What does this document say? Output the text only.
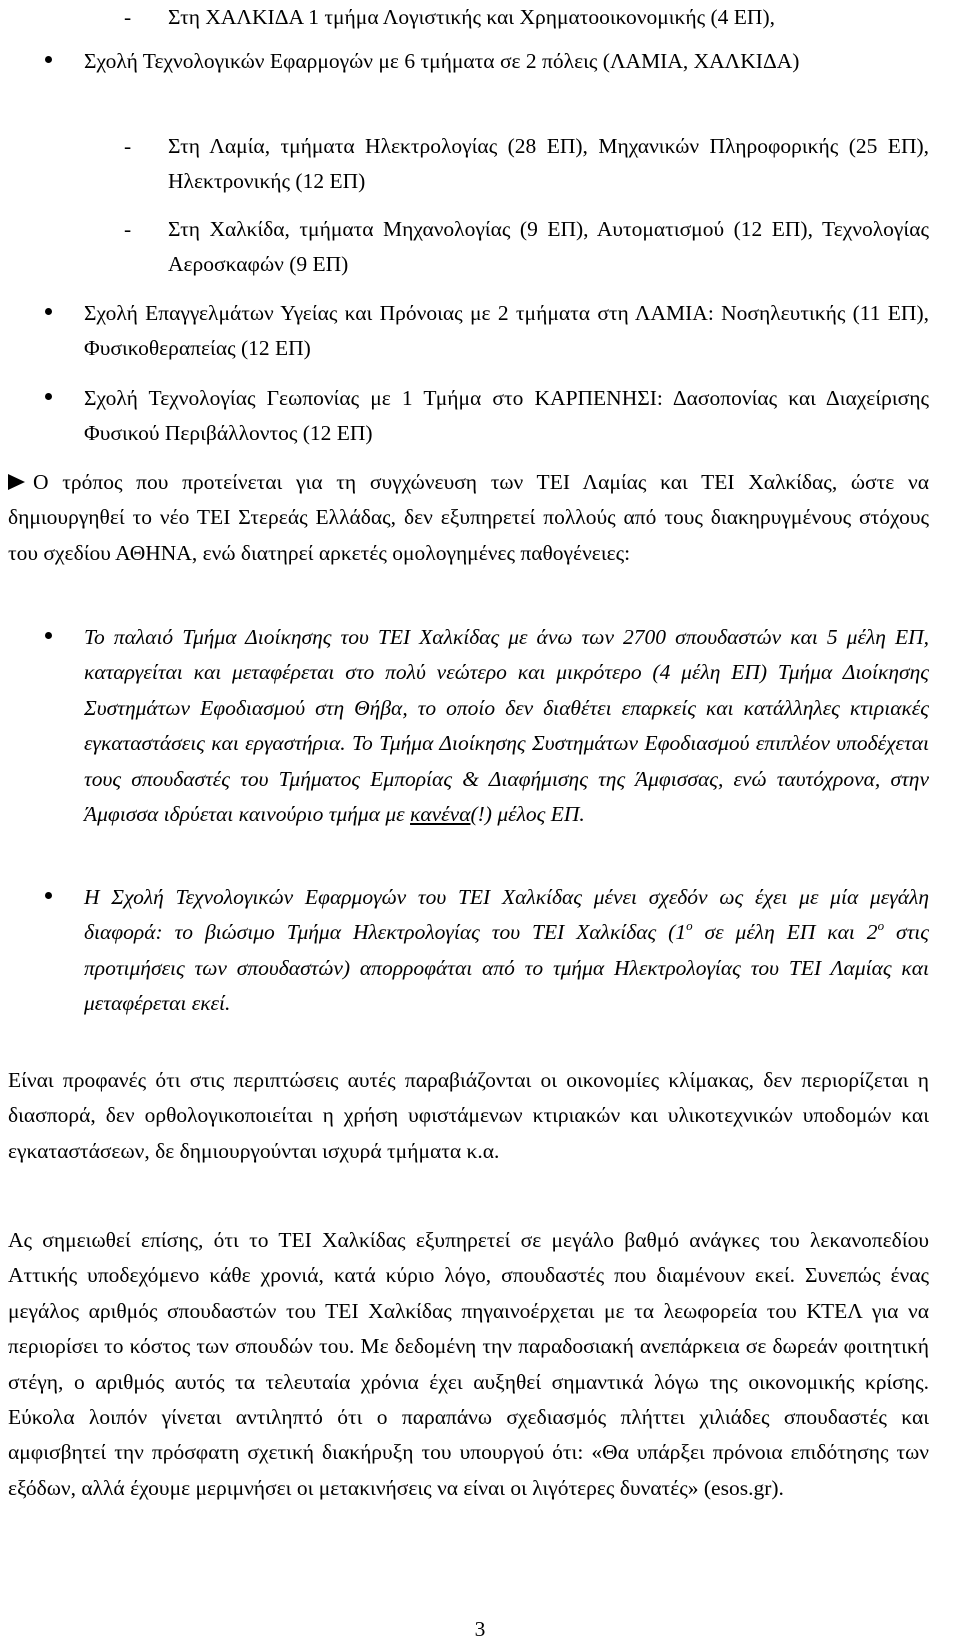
- Στη ΧΑΛΚΙΔΑ 1 τμήμα Λογιστικής και Χρηματοοικονομικής (4 ΕΠ),
Σχολή Τεχνολογικών Εφαρμογών με 6 τμήματα σε 2 πόλεις (ΛΑΜΙΑ, ΧΑΛΚΙΔΑ)
- Στη Λαμία, τμήματα Ηλεκτρολογίας (28 ΕΠ), Μηχανικών Πληροφορικής (25 ΕΠ), Ηλεκτρονικής (12 ΕΠ)
- Στη Χαλκίδα, τμήματα Μηχανολογίας (9 ΕΠ), Αυτοματισμού (12 ΕΠ), Τεχνολογίας Αεροσκαφών (9 ΕΠ)
Σχολή Επαγγελμάτων Υγείας και Πρόνοιας με 2 τμήματα στη ΛΑΜΙΑ: Νοσηλευτικής (11 ΕΠ), Φυσικοθεραπείας (12 ΕΠ)
Σχολή Τεχνολογίας Γεωπονίας με 1 Τμήμα στο ΚΑΡΠΕΝΗΣΙ: Δασοπονίας και Διαχείρισης Φυσικού Περιβάλλοντος (12 ΕΠ)
Ο τρόπος που προτείνεται για τη συγχώνευση των ΤΕΙ Λαμίας και ΤΕΙ Χαλκίδας, ώστε να δημιουργηθεί το νέο ΤΕΙ Στερεάς Ελλάδας, δεν εξυπηρετεί πολλούς από τους διακηρυγμένους στόχους του σχεδίου ΑΘΗΝΑ, ενώ διατηρεί αρκετές ομολογημένες παθογένειες:
Το παλαιό Τμήμα Διοίκησης του ΤΕΙ Χαλκίδας με άνω των 2700 σπουδαστών και 5 μέλη ΕΠ, καταργείται και μεταφέρεται στο πολύ νεώτερο και μικρότερο (4 μέλη ΕΠ) Τμήμα Διοίκησης Συστημάτων Εφοδιασμού στη Θήβα, το οποίο δεν διαθέτει επαρκείς και κατάλληλες κτιριακές εγκαταστάσεις και εργαστήρια. Το Τμήμα Διοίκησης Συστημάτων Εφοδιασμού επιπλέον υποδέχεται τους σπουδαστές του Τμήματος Εμπορίας & Διαφήμισης της Άμφισσας, ενώ ταυτόχρονα, στην Άμφισσα ιδρύεται καινούριο τμήμα με κανένα(!) μέλος ΕΠ.
Η Σχολή Τεχνολογικών Εφαρμογών του ΤΕΙ Χαλκίδας μένει σχεδόν ως έχει με μία μεγάλη διαφορά: το βιώσιμο Τμήμα Ηλεκτρολογίας του ΤΕΙ Χαλκίδας ($1^o$ σε μέλη ΕΠ και $2^o$ στις προτιμήσεις των σπουδαστών) απορροφάται από το τμήμα Ηλεκτρολογίας του ΤΕΙ Λαμίας και μεταφέρεται εκεί.
Είναι προφανές ότι στις περιπτώσεις αυτές παραβιάζονται οι οικονομίες κλίμακας, δεν περιορίζεται η διασπορά, δεν ορθολογικοποιείται η χρήση υφιστάμενων κτιριακών και υλικοτεχνικών υποδομών και εγκαταστάσεων, δε δημιουργούνται ισχυρά τμήματα κ.α.
Ας σημειωθεί επίσης, ότι το ΤΕΙ Χαλκίδας εξυπηρετεί σε μεγάλο βαθμό ανάγκες του λεκανοπεδίου Αττικής υποδεχόμενο κάθε χρονιά, κατά κύριο λόγο, σπουδαστές που διαμένουν εκεί. Συνεπώς ένας μεγάλος αριθμός σπουδαστών του ΤΕΙ Χαλκίδας πηγαινοέρχεται με τα λεωφορεία του ΚΤΕΛ για να περιορίσει το κόστος των σπουδών του. Με δεδομένη την παραδοσιακή ανεπάρκεια σε δωρεάν φοιτητική στέγη, ο αριθμός αυτός τα τελευταία χρόνια έχει αυξηθεί σημαντικά λόγω της οικονομικής κρίσης. Εύκολα λοιπόν γίνεται αντιληπτό ότι ο παραπάνω σχεδιασμός πλήττει χιλιάδες σπουδαστές και αμφισβητεί την πρόσφατη σχετική διακήρυξη του υπουργού ότι: «Θα υπάρξει πρόνοια επιδότησης των εξόδων, αλλά έχουμε μεριμνήσει οι μετακινήσεις να είναι οι λιγότερες δυνατές» (esos.gr).
3
